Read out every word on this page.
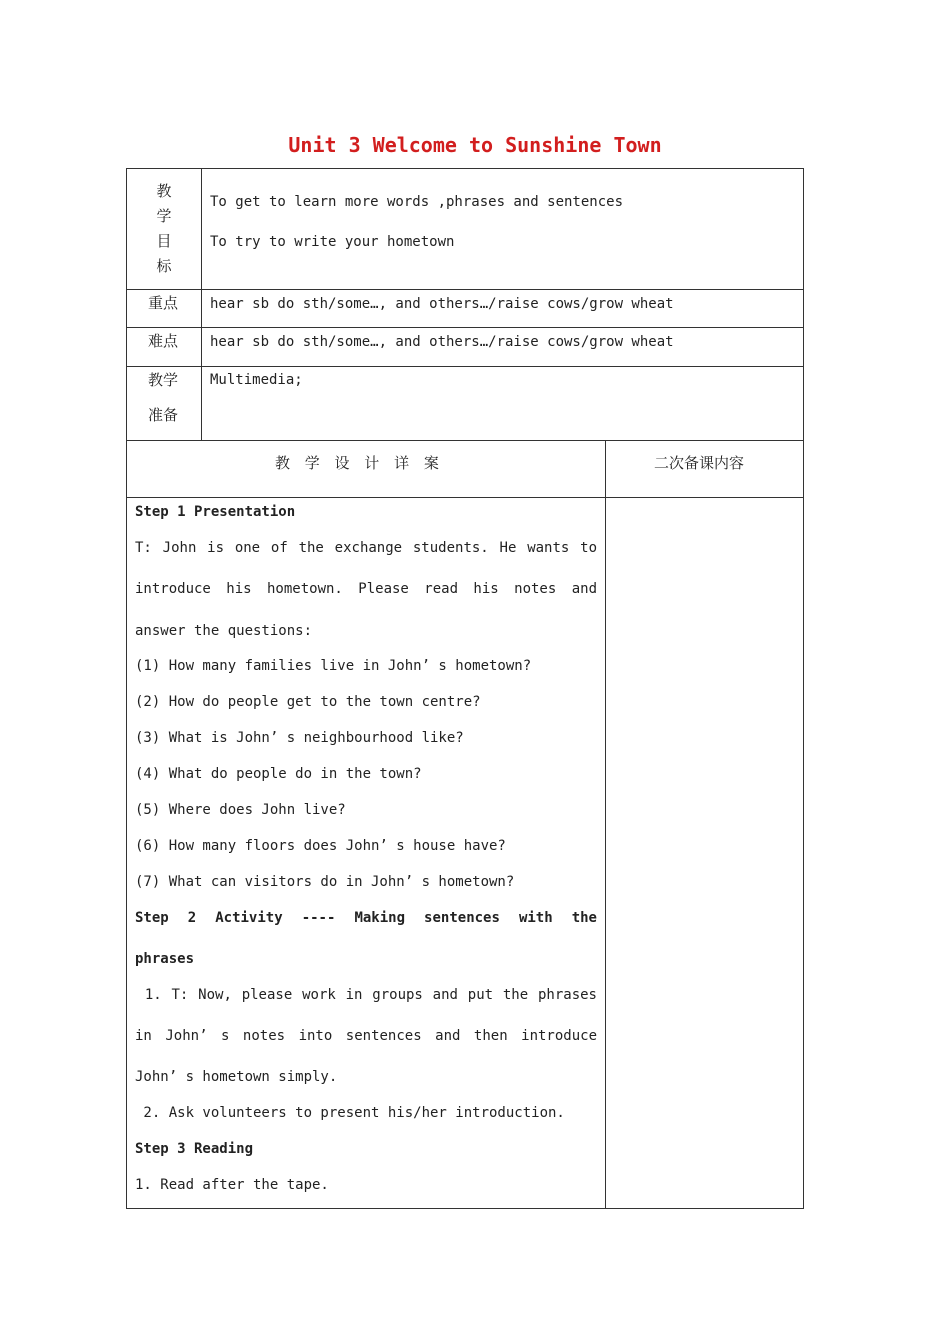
Unit 3 Welcome to Sunshine Town
教
学
目
标
To get to learn more words ,phrases and sentences
To try to write your hometown
重点 hear sb do sth/some…, and others…/raise cows/grow wheat
难点 hear sb do sth/some…, and others…/raise cows/grow wheat
教学
准备
Multimedia;
教 学 设 计 详 案	二次备课内容
Step 1 Presentation
T: John is one of the exchange students. He wants to
introduce his hometown. Please read his notes and
answer the questions:
(1) How many families live in John’ s hometown?
(2) How do people get to the town centre?
(3) What is John’ s neighbourhood like?
(4) What do people do in the town?
(5) Where does John live?
(6) How many floors does John’ s house have?
(7) What can visitors do in John’ s hometown?
Step 2 Activity ---- Making sentences with the
phrases
1. T: Now, please work in groups and put the phrases
in John’ s notes into sentences and then introduce
John’ s hometown simply.
2. Ask volunteers to present his/her introduction.
Step 3 Reading
1. Read after the tape.
